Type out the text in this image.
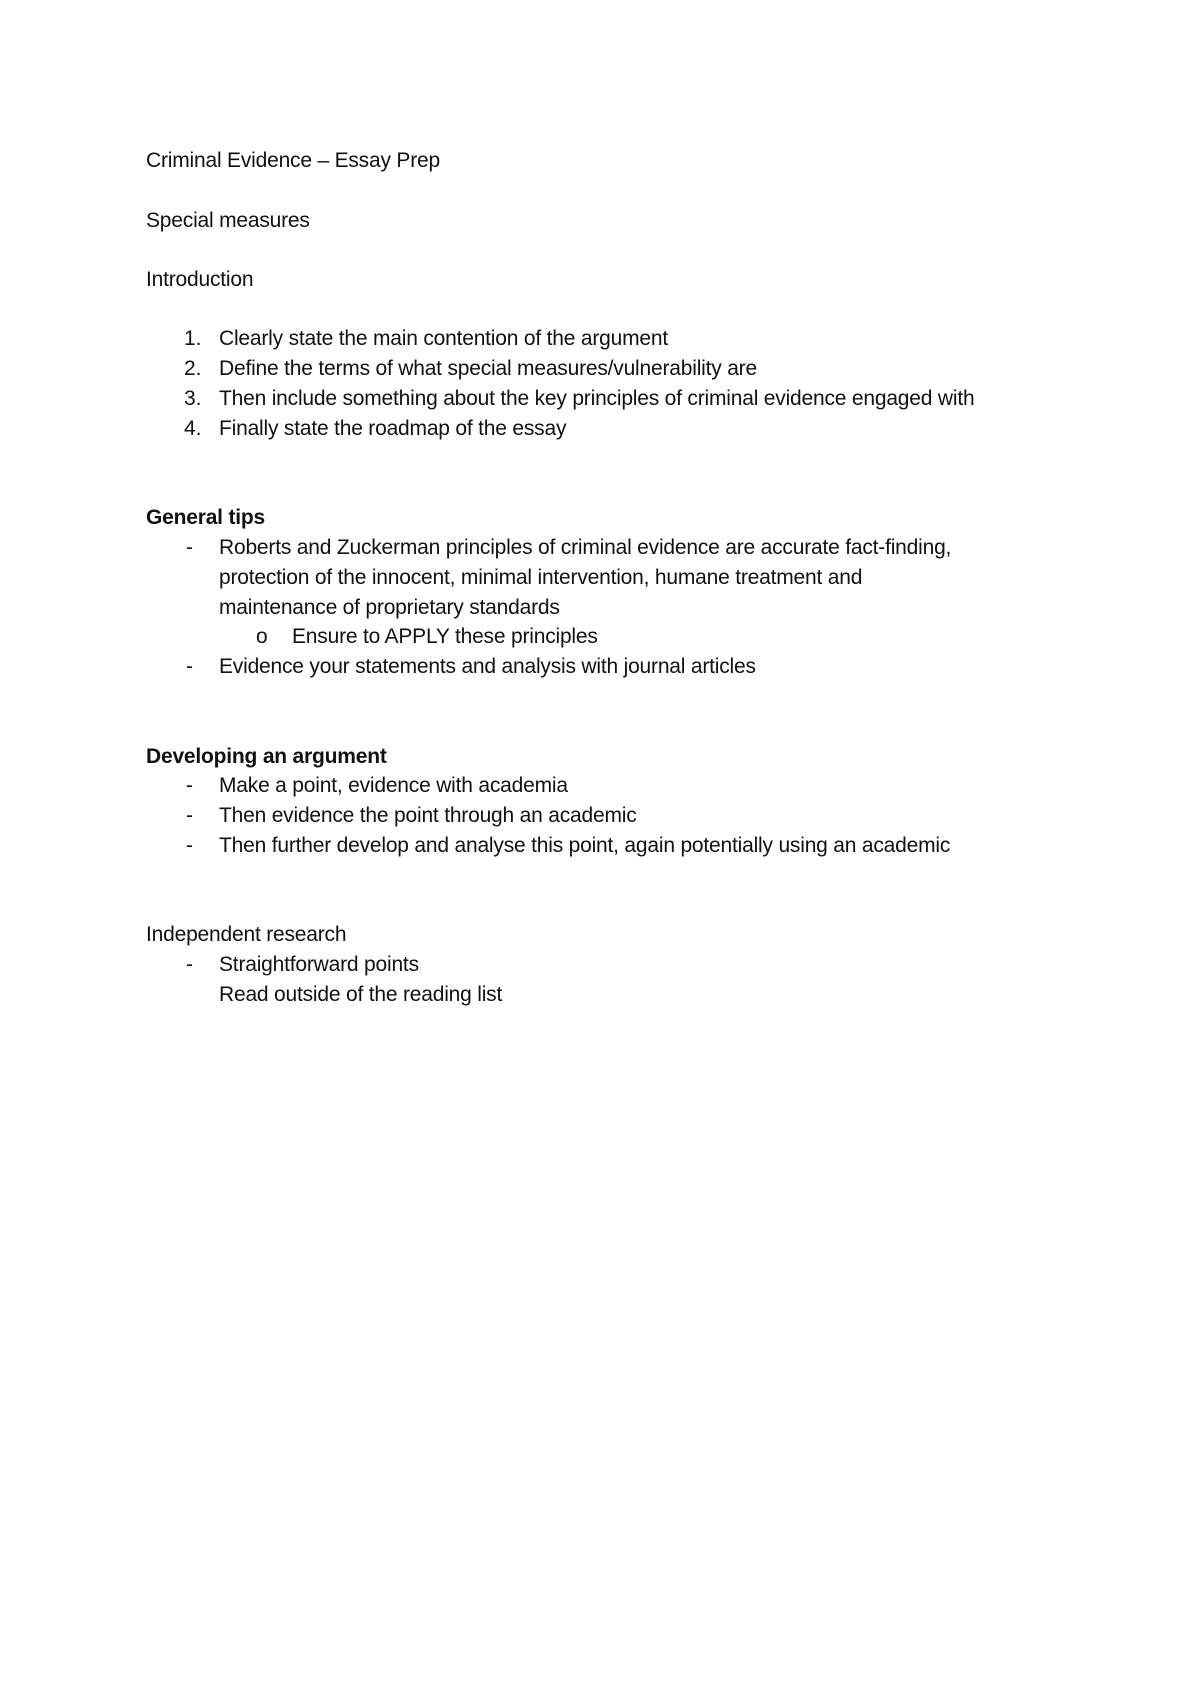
Criminal Evidence – Essay Prep
Special measures
Introduction
1. Clearly state the main contention of the argument
2. Define the terms of what special measures/vulnerability are
3. Then include something about the key principles of criminal evidence engaged with
4. Finally state the roadmap of the essay
General tips
- Roberts and Zuckerman principles of criminal evidence are accurate fact-finding,
protection of the innocent, minimal intervention, humane treatment and
maintenance of proprietary standards
o Ensure to APPLY these principles
- Evidence your statements and analysis with journal articles
Developing an argument
- Make a point, evidence with academia
- Then evidence the point through an academic
- Then further develop and analyse this point, again potentially using an academic
Independent research
- Straightforward points
Read outside of the reading list
